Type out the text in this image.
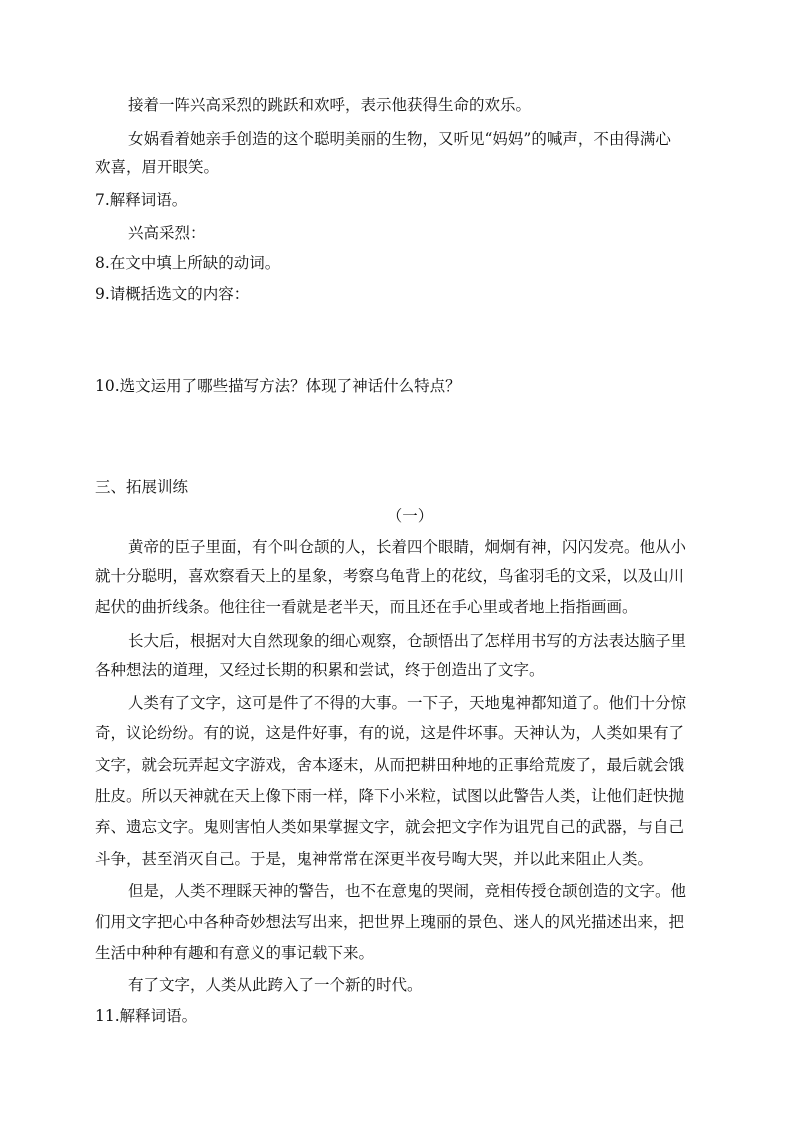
接着一阵兴高采烈的跳跃和欢呼，表示他获得生命的欢乐。
女娲看着她亲手创造的这个聪明美丽的生物，又听见“妈妈”的喊声，不由得满心
欢喜，眉开眼笑。
7.解释词语。
兴高采烈：
8.在文中填上所缺的动词。
9.请概括选文的内容：
10.选文运用了哪些描写方法？体现了神话什么特点？
三、拓展训练
（一）
黄帝的臣子里面，有个叫仓颉的人，长着四个眼睛，炯炯有神，闪闪发亮。他从小
就十分聪明，喜欢察看天上的星象，考察乌龟背上的花纹，鸟雀羽毛的文采，以及山川
起伏的曲折线条。他往往一看就是老半天，而且还在手心里或者地上指指画画。
长大后，根据对大自然现象的细心观察，仓颉悟出了怎样用书写的方法表达脑子里
各种想法的道理，又经过长期的积累和尝试，终于创造出了文字。
人类有了文字，这可是件了不得的大事。一下子，天地鬼神都知道了。他们十分惊
奇，议论纷纷。有的说，这是件好事，有的说，这是件坏事。天神认为，人类如果有了
文字，就会玩弄起文字游戏，舍本逐末，从而把耕田种地的正事给荒废了，最后就会饿
肚皮。所以天神就在天上像下雨一样，降下小米粒，试图以此警告人类，让他们赶快抛
弃、遗忘文字。鬼则害怕人类如果掌握文字，就会把文字作为诅咒自己的武器，与自己
斗争，甚至消灭自己。于是，鬼神常常在深更半夜号啕大哭，并以此来阻止人类。
但是，人类不理睬天神的警告，也不在意鬼的哭闹，竞相传授仓颉创造的文字。他
们用文字把心中各种奇妙想法写出来，把世界上瑰丽的景色、迷人的风光描述出来，把
生活中种种有趣和有意义的事记载下来。
有了文字，人类从此跨入了一个新的时代。
11.解释词语。
